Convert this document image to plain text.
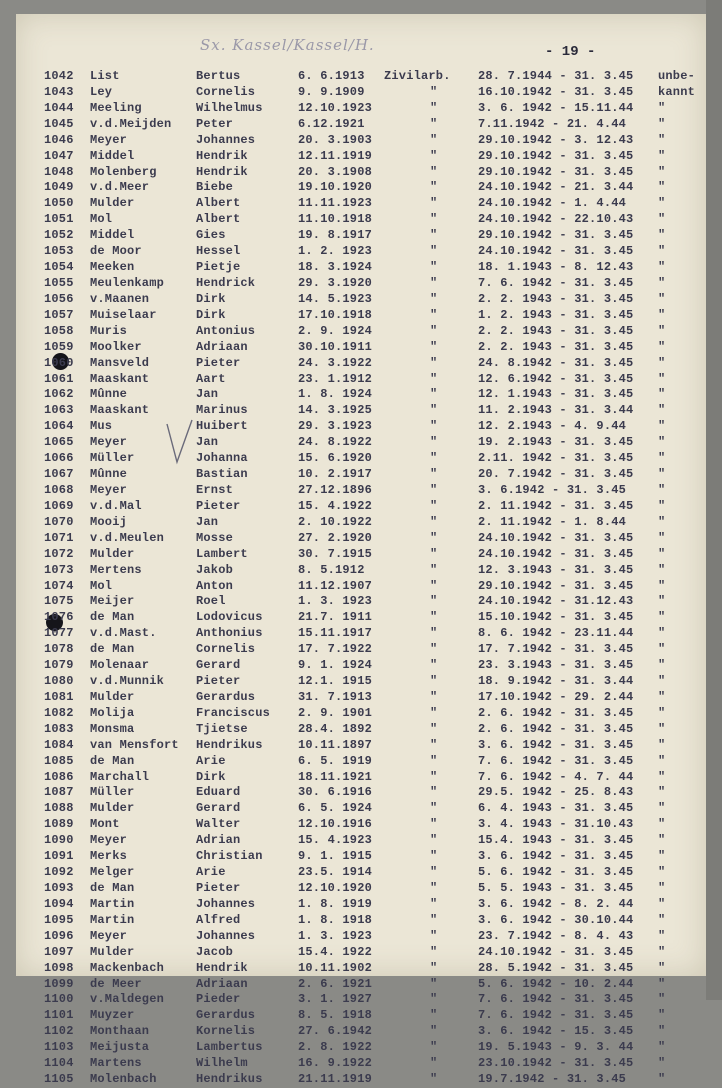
Sx. Kassel/Kassel/H.	- 19 -
1042 List	Bertus	6. 6.1913 Zivilarb.	28. 7.1944 - 31. 3.45 unbe-
1043 Ley	Cornelis	9. 9.1909	"	16.10.1942 - 31. 3.45 kannt
1044 Meeling	Wilhelmus	12.10.1923	"	3. 6. 1942 - 15.11.44 "
1045 v.d.Meijden Peter	6.12.1921	"	7.11.1942 - 21. 4.44	"
1046 Meyer	Johannes	20. 3.1903	"	29.10.1942 - 3. 12.43 "
1047 Middel	Hendrik	12.11.1919	"	29.10.1942 - 31. 3.45 "
1048 Molenberg	Hendrik	20. 3.1908	"	29.10.1942 - 31. 3.45 "
1049 v.d.Meer	Biebe	19.10.1920	"	24.10.1942 - 21. 3.44 "
1050 Mulder	Albert	11.11.1923	"	24.10.1942 - 1. 4.44	"
1051 Mol	Albert	11.10.1918	"	24.10.1942 - 22.10.43 "
1052 Middel	Gies	19. 8.1917	"	29.10.1942 - 31. 3.45 "
1053 de Moor	Hessel	1. 2. 1923	"	24.10.1942 - 31. 3.45 "
1054 Meeken	Pietje	18. 3.1924	"	18. 1.1943 - 8. 12.43 "
1055 Meulenkamp	Hendrick	29. 3.1920	"	7. 6. 1942 - 31. 3.45 "
1056 v.Maanen	Dirk	14. 5.1923	"	2. 2. 1943 - 31. 3.45 "
1057 Muiselaar	Dirk	17.10.1918	"	1. 2. 1943 - 31. 3.45 "
1058 Muris	Antonius	2. 9. 1924	"	2. 2. 1943 - 31. 3.45 "
1059 Moolker	Adriaan	30.10.1911	"	2. 2. 1943 - 31. 3.45 "
1060 Mansveld	Pieter	24. 3.1922	"	24. 8.1942 - 31. 3.45 "
1061 Maaskant	Aart	23. 1.1912	"	12. 6.1942 - 31. 3.45 "
1062 Mûnne	Jan	1. 8. 1924	"	12. 1.1943 - 31. 3.45 "
1063 Maaskant	Marinus	14. 3.1925	"	11. 2.1943 - 31. 3.44 "
1064 Mus	Huibert	29. 3.1923	"	12. 2.1943 - 4. 9.44	"
1065 Meyer	Jan	24. 8.1922	"	19. 2.1943 - 31. 3.45 "
1066 Müller	Johanna	15. 6.1920	"	2.11. 1942 - 31. 3.45 "
1067 Mûnne	Bastian	10. 2.1917	"	20. 7.1942 - 31. 3.45 "
1068 Meyer	Ernst	27.12.1896	"	3. 6.1942 - 31. 3.45	"
1069 v.d.Mal	Pieter	15. 4.1922	"	2. 11.1942 - 31. 3.45 "
1070 Mooij	Jan	2. 10.1922	"	2. 11.1942 - 1. 8.44	"
1071 v.d.Meulen	Mosse	27. 2.1920	"	24.10.1942 - 31. 3.45 "
1072 Mulder	Lambert	30. 7.1915	"	24.10.1942 - 31. 3.45 "
1073 Mertens	Jakob	8. 5.1912	"	12. 3.1943 - 31. 3.45 "
1074 Mol	Anton	11.12.1907	"	29.10.1942 - 31. 3.45 "
1075 Meijer	Roel	1. 3. 1923	"	24.10.1942 - 31.12.43 "
1076 de Man	Lodovicus	21.7. 1911	"	15.10.1942 - 31. 3.45 "
1077 v.d.Mast.	Anthonius	15.11.1917	"	8. 6. 1942 - 23.11.44 "
1078 de Man	Cornelis	17. 7.1922	"	17. 7.1942 - 31. 3.45 "
1079 Molenaar	Gerard	9. 1. 1924	"	23. 3.1943 - 31. 3.45 "
1080 v.d.Munnik	Pieter	12.1. 1915	"	18. 9.1942 - 31. 3.44 "
1081 Mulder	Gerardus	31. 7.1913	"	17.10.1942 - 29. 2.44 "
1082 Molija	Franciscus 2. 9. 1901	"	2. 6. 1942 - 31. 3.45 "
1083 Monsma	Tjietse	28.4. 1892	"	2. 6. 1942 - 31. 3.45 "
1084 van Mensfort Hendrikus	10.11.1897	"	3. 6. 1942 - 31. 3.45 "
1085 de Man	Arie	6. 5. 1919	"	7. 6. 1942 - 31. 3.45 "
1086 Marchall	Dirk	18.11.1921	"	7. 6. 1942 - 4. 7. 44 "
1087 Müller	Eduard	30. 6.1916	"	29.5. 1942 - 25. 8.43 "
1088 Mulder	Gerard	6. 5. 1924	"	6. 4. 1943 - 31. 3.45 "
1089 Mont	Walter	12.10.1916	"	3. 4. 1943 - 31.10.43 "
1090 Meyer	Adrian	15. 4.1923	"	15.4. 1943 - 31. 3.45 "
1091 Merks	Christian	9. 1. 1915	"	3. 6. 1942 - 31. 3.45 "
1092 Melger	Arie	23.5. 1914	"	5. 6. 1942 - 31. 3.45 "
1093 de Man	Pieter	12.10.1920	"	5. 5. 1943 - 31. 3.45 "
1094 Martin	Johannes	1. 8. 1919	"	3. 6. 1942 - 8. 2. 44 "
1095 Martin	Alfred	1. 8. 1918	"	3. 6. 1942 - 30.10.44 "
1096 Meyer	Johannes	1. 3. 1923	"	23. 7.1942 - 8. 4. 43 "
1097 Mulder	Jacob	15.4. 1922	"	24.10.1942 - 31. 3.45 "
1098 Mackenbach	Hendrik	10.11.1902	"	28. 5.1942 - 31. 3.45 "
1099 de Meer	Adriaan	2. 6. 1921	"	5. 6. 1942 - 10. 2.44 "
1100 v.Maldegen	Pieder	3. 1. 1927	"	7. 6. 1942 - 31. 3.45 "
1101 Muyzer	Gerardus	8. 5. 1918	"	7. 6. 1942 - 31. 3.45 "
1102 Monthaan	Kornelis	27. 6.1942	"	3. 6. 1942 - 15. 3.45 "
1103 Meijusta	Lambertus	2. 8. 1922	"	19. 5.1943 - 9. 3. 44 "
1104 Martens	Wilhelm	16. 9.1922	"	23.10.1942 - 31. 3.45 "
1105 Molenbach	Hendrikus	21.11.1919	"	19.7.1942 - 31. 3.45	"
